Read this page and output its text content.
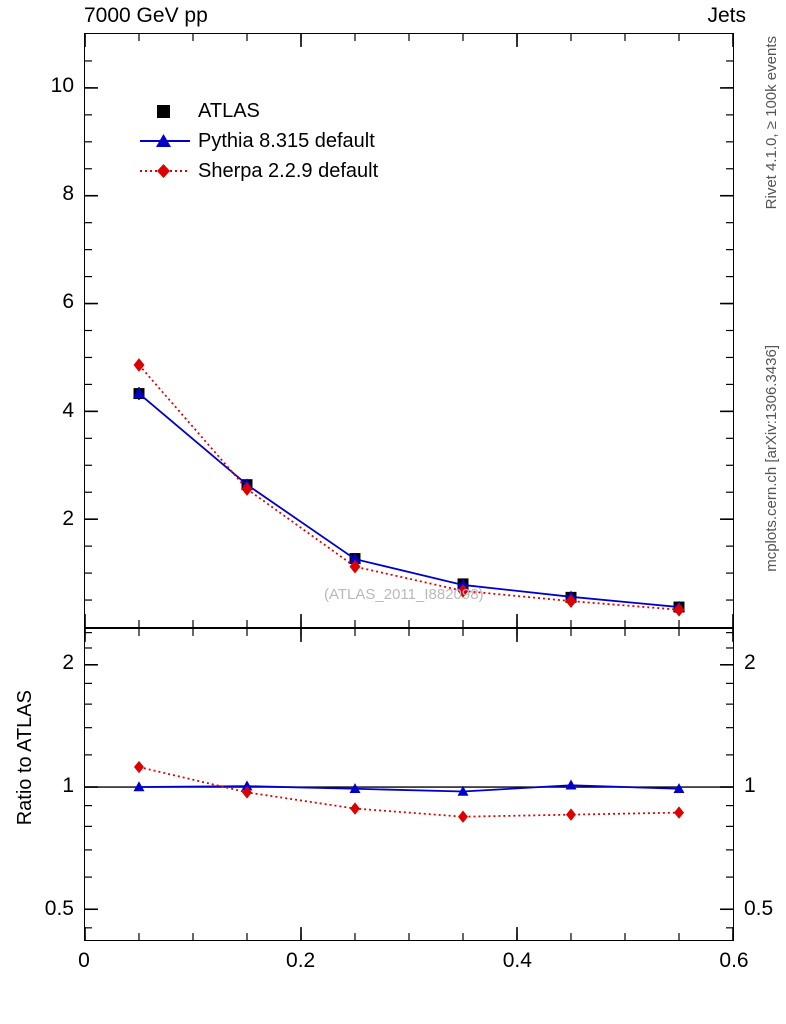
7000 GeV pp	Jets
Rivet 4.1.0, ≥ 100k events
mcplots.cern.ch [arXiv:1306.3436]
Ratio to ATLAS
ATLAS
Pythia 8.315 default
Sherpa 2.2.9 default
(ATLAS_2011_I882098)
2
4
6
8
10
0.5	0.5
1	1
2	2
0	0.2	0.4	0.6
